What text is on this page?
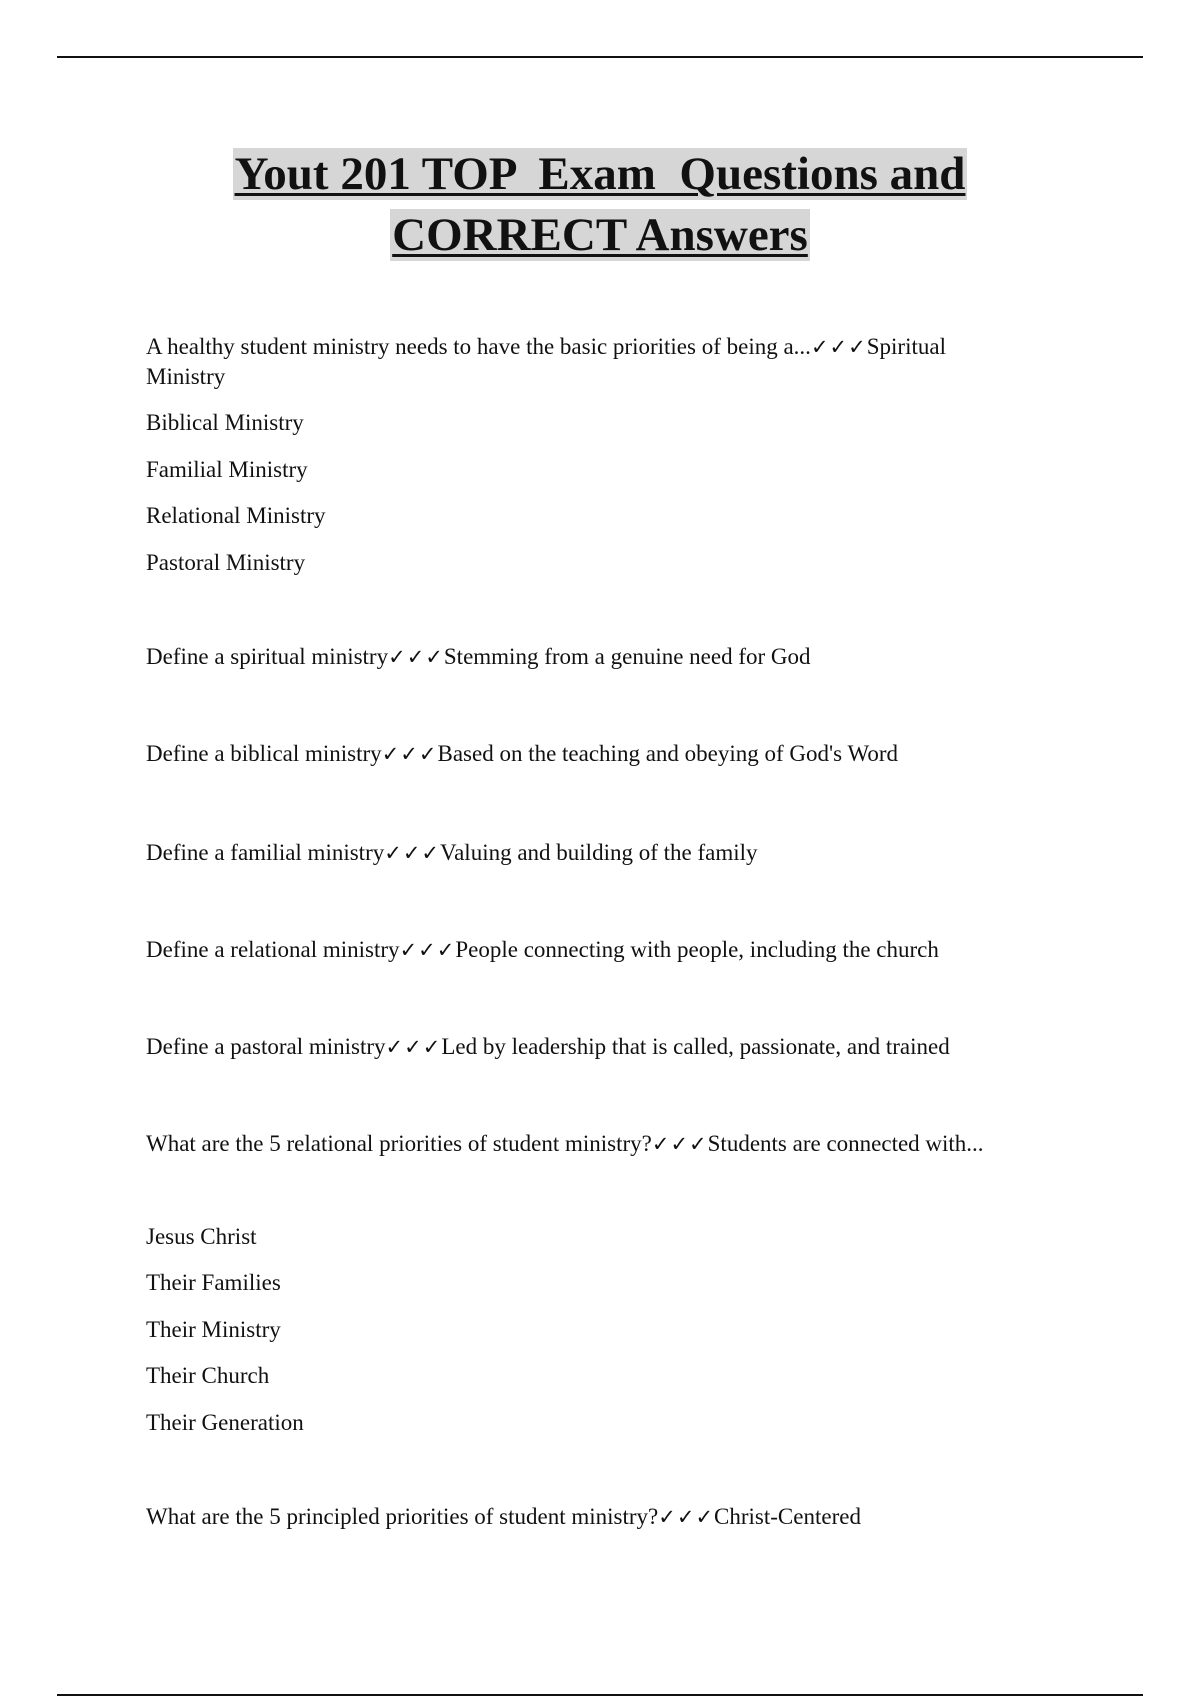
Yout 201 TOP  Exam  Questions and
CORRECT Answers
A healthy student ministry needs to have the basic priorities of being a...✓✓✓Spiritual Ministry
Biblical Ministry
Familial Ministry
Relational Ministry
Pastoral Ministry
Define a spiritual ministry✓✓✓Stemming from a genuine need for God
Define a biblical ministry✓✓✓Based on the teaching and obeying of God's Word
Define a familial ministry✓✓✓Valuing and building of the family
Define a relational ministry✓✓✓People connecting with people, including the church
Define a pastoral ministry✓✓✓Led by leadership that is called, passionate, and trained
What are the 5 relational priorities of student ministry?✓✓✓Students are connected with...
Jesus Christ
Their Families
Their Ministry
Their Church
Their Generation
What are the 5 principled priorities of student ministry?✓✓✓Christ-Centered
